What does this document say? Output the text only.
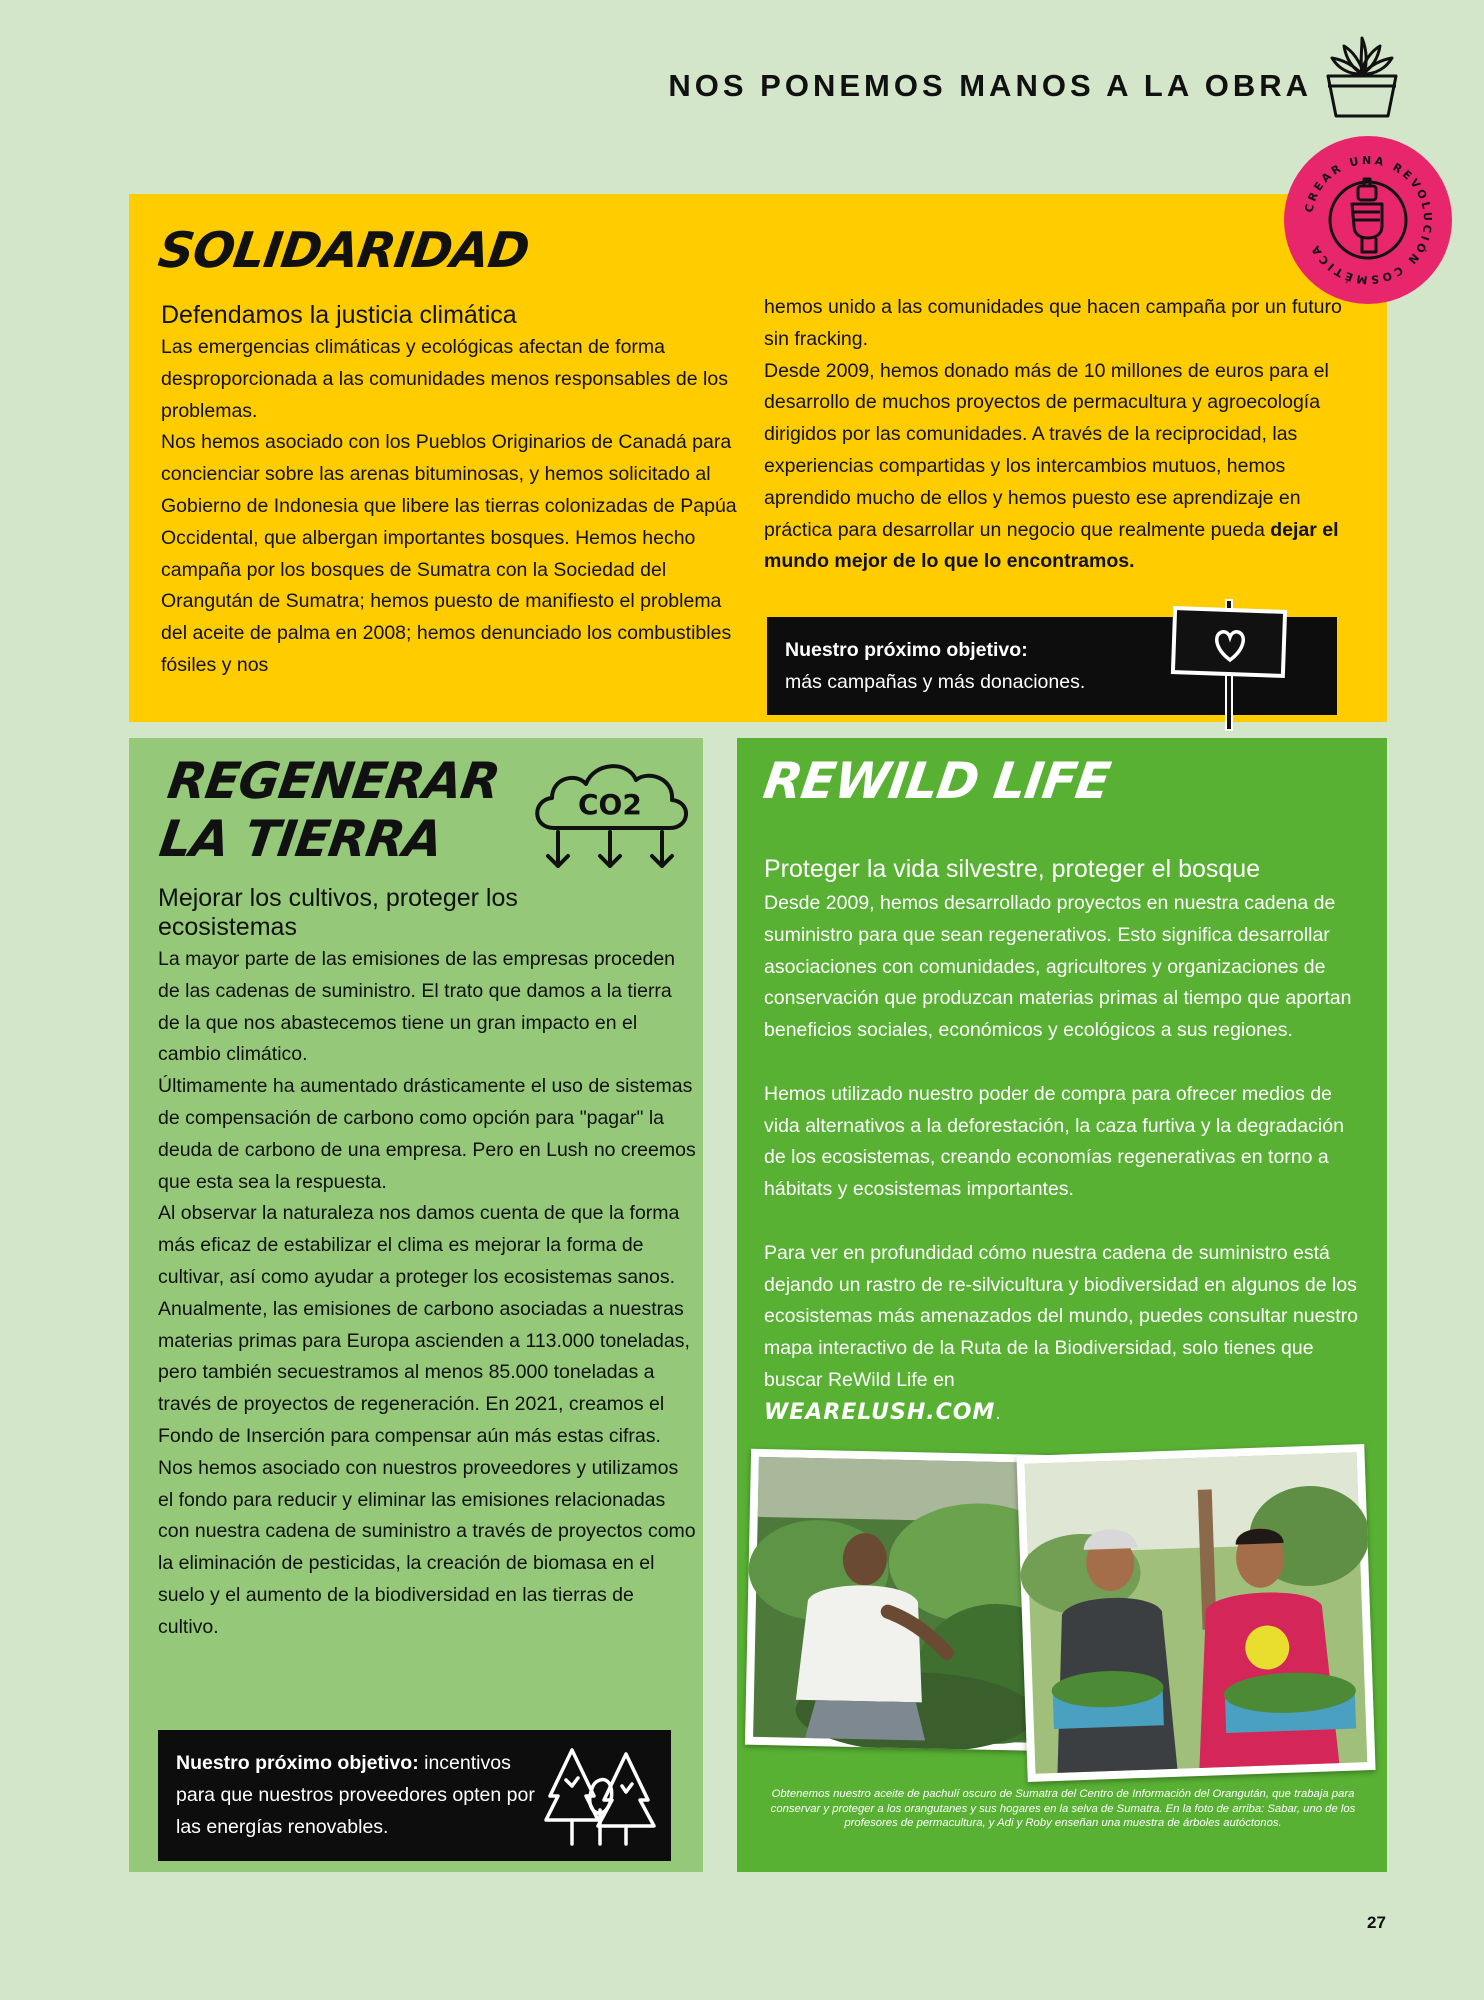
NOS PONEMOS MANOS A LA OBRA
SOLIDARIDAD
Defendamos la justicia climática

Las emergencias climáticas y ecológicas afectan de forma desproporcionada a las comunidades menos responsables de los problemas.

Nos hemos asociado con los Pueblos Originarios de Canadá para concienciar sobre las arenas bituminosas, y hemos solicitado al Gobierno de Indonesia que libere las tierras colonizadas de Papúa Occidental, que albergan importantes bosques. Hemos hecho campaña por los bosques de Sumatra con la Sociedad del Orangután de Sumatra; hemos puesto de manifiesto el problema del aceite de palma en 2008; hemos denunciado los combustibles fósiles y nos

hemos unido a las comunidades que hacen campaña por un futuro sin fracking.

Desde 2009, hemos donado más de 10 millones de euros para el desarrollo de muchos proyectos de permacultura y agroecología dirigidos por las comunidades. A través de la reciprocidad, las experiencias compartidas y los intercambios mutuos, hemos aprendido mucho de ellos y hemos puesto ese aprendizaje en práctica para desarrollar un negocio que realmente pueda dejar el mundo mejor de lo que lo encontramos.

Nuestro próximo objetivo:
más campañas y más donaciones.
CREAR UNA REVOLUCIÓN COSMÉTICA
REGENERAR LA TIERRA
CO2
Mejorar los cultivos, proteger los ecosistemas

La mayor parte de las emisiones de las empresas proceden de las cadenas de suministro. El trato que damos a la tierra de la que nos abastecemos tiene un gran impacto en el cambio climático.

Últimamente ha aumentado drásticamente el uso de sistemas de compensación de carbono como opción para "pagar" la deuda de carbono de una empresa. Pero en Lush no creemos que esta sea la respuesta.

Al observar la naturaleza nos damos cuenta de que la forma más eficaz de estabilizar el clima es mejorar la forma de cultivar, así como ayudar a proteger los ecosistemas sanos.

Anualmente, las emisiones de carbono asociadas a nuestras materias primas para Europa ascienden a 113.000 toneladas, pero también secuestramos al menos 85.000 toneladas a través de proyectos de regeneración. En 2021, creamos el Fondo de Inserción para compensar aún más estas cifras.

Nos hemos asociado con nuestros proveedores y utilizamos el fondo para reducir y eliminar las emisiones relacionadas con nuestra cadena de suministro a través de proyectos como la eliminación de pesticidas, la creación de biomasa en el suelo y el aumento de la biodiversidad en las tierras de cultivo.

Nuestro próximo objetivo: incentivos para que nuestros proveedores opten por las energías renovables.
REWILD LIFE
Proteger la vida silvestre, proteger el bosque

Desde 2009, hemos desarrollado proyectos en nuestra cadena de suministro para que sean regenerativos. Esto significa desarrollar asociaciones con comunidades, agricultores y organizaciones de conservación que produzcan materias primas al tiempo que aportan beneficios sociales, económicos y ecológicos a sus regiones.

Hemos utilizado nuestro poder de compra para ofrecer medios de vida alternativos a la deforestación, la caza furtiva y la degradación de los ecosistemas, creando economías regenerativas en torno a hábitats y ecosistemas importantes.

Para ver en profundidad cómo nuestra cadena de suministro está dejando un rastro de re-silvicultura y biodiversidad en algunos de los ecosistemas más amenazados del mundo, puedes consultar nuestro mapa interactivo de la Ruta de la Biodiversidad, solo tienes que buscar ReWild Life en

WEARELUSH.COM.

Obtenemos nuestro aceite de pachulí oscuro de Sumatra del Centro de Información del Orangután, que trabaja para conservar y proteger a los orangutanes y sus hogares en la selva de Sumatra. En la foto de arriba: Sabar, uno de los profesores de permacultura, y Adi y Roby enseñan una muestra de árboles autóctonos.
27
